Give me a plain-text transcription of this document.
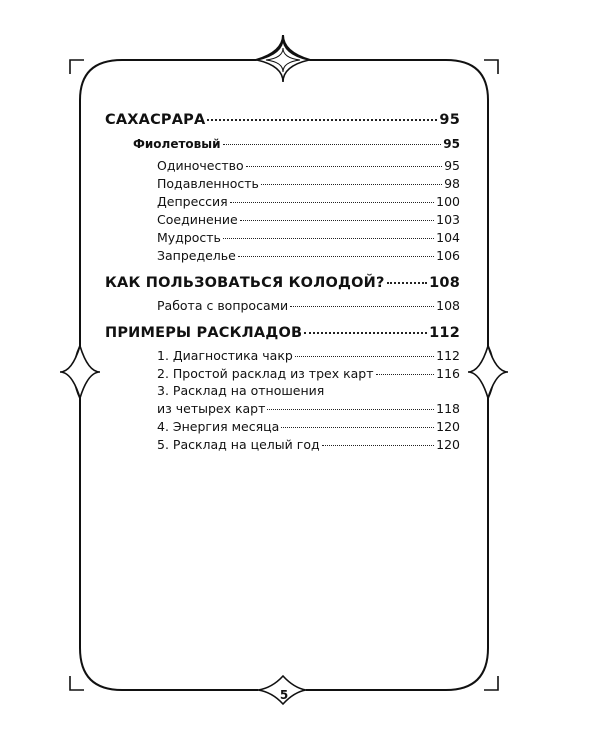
САХАСРАРА	95
Фиолетовый	95
Одиночество	95
Подавленность	98
Депрессия	100
Соединение	103
Мудрость	104
Запределье	106
КАК ПОЛЬЗОВАТЬСЯ КОЛОДОЙ?	108
Работа с вопросами	108
ПРИМЕРЫ РАСКЛАДОВ	112
1. Диагностика чакр	112
2. Простой расклад из трех карт	116
3. Расклад на отношения
из четырех карт	118
4. Энергия месяца	120
5. Расклад на целый год	120
5
